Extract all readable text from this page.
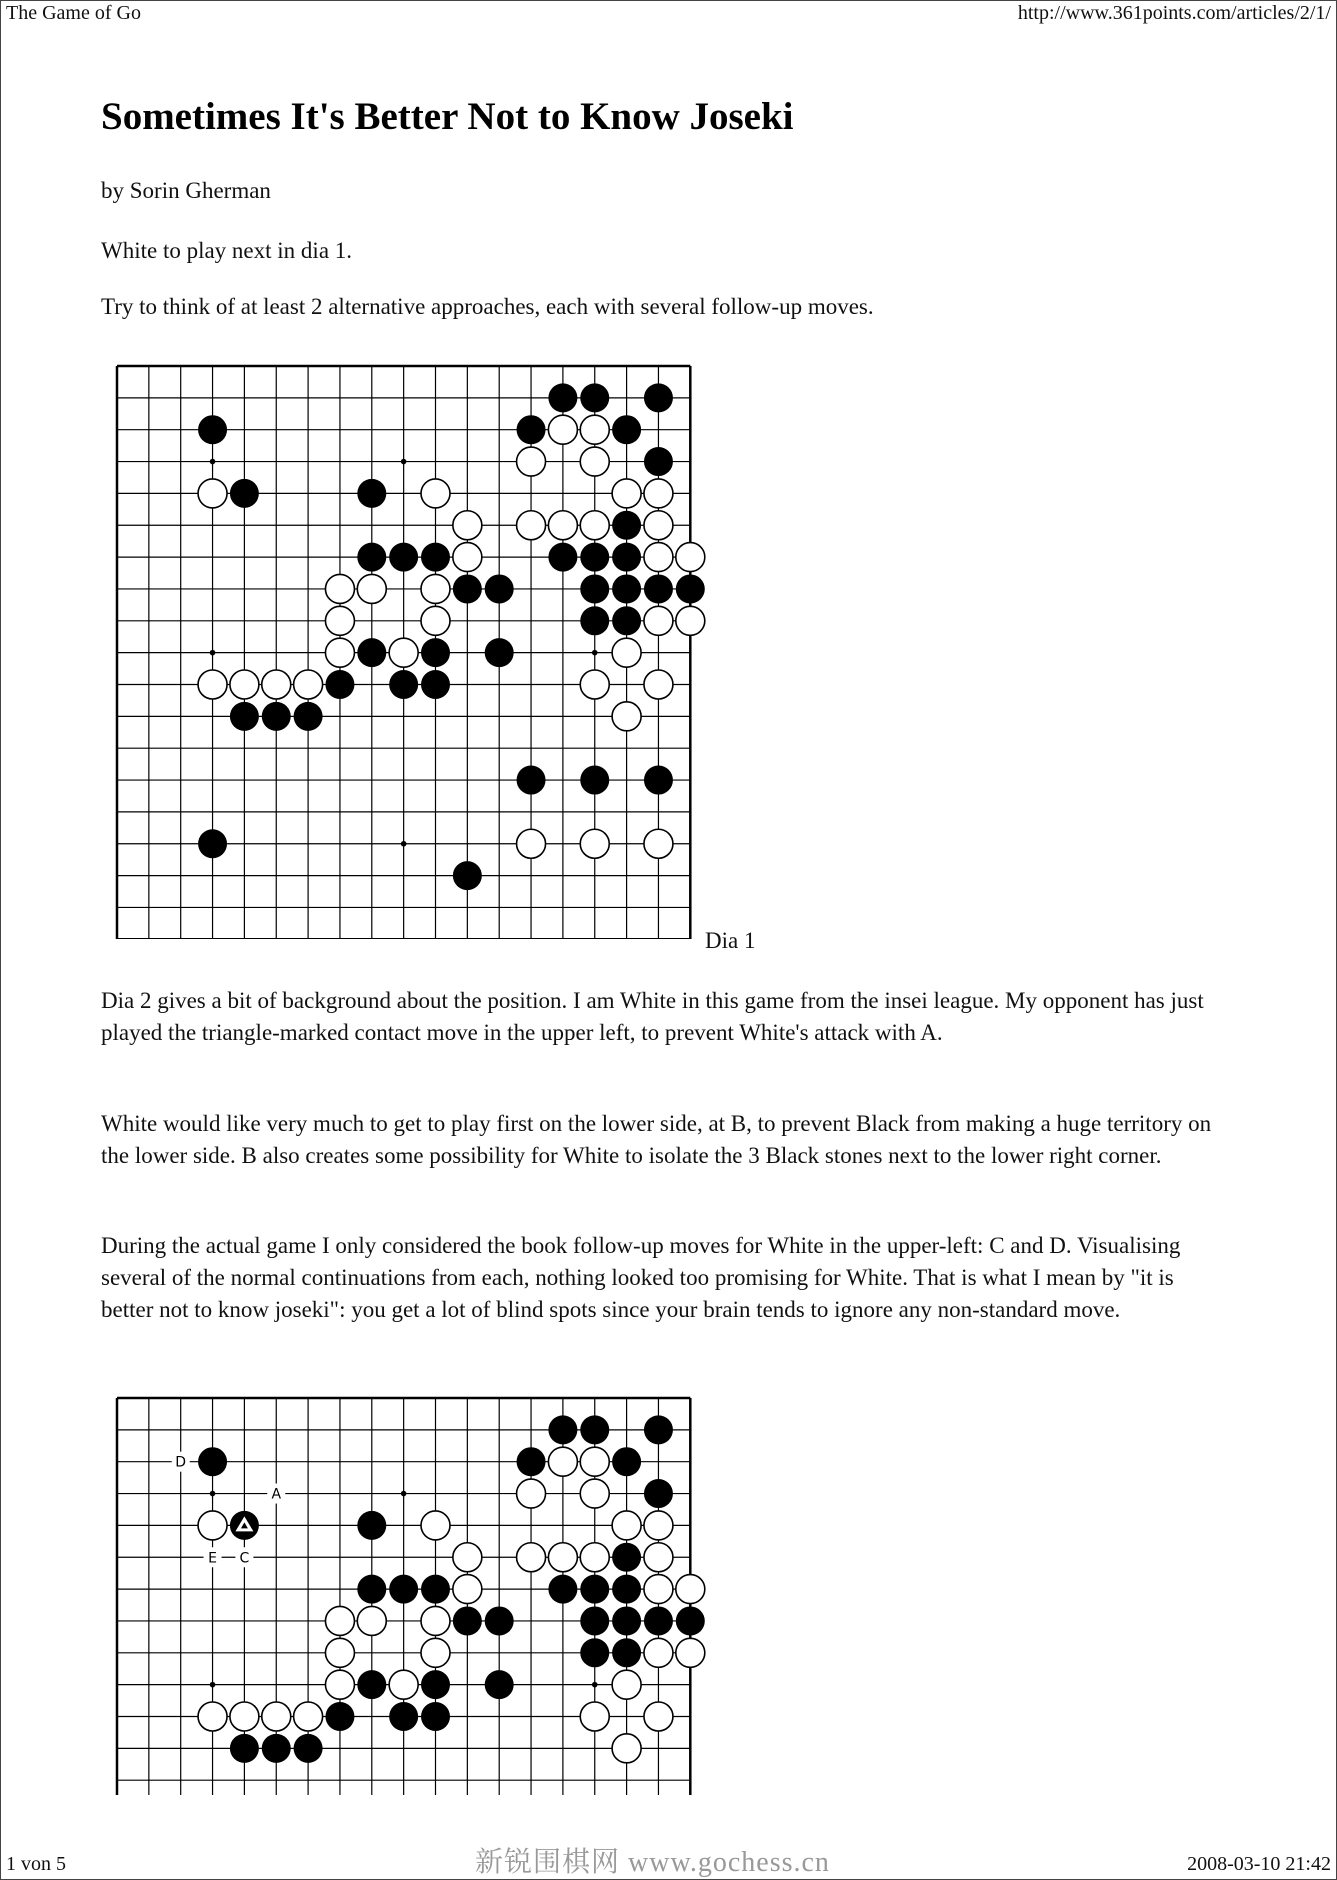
The Game of Go	http://www.361points.com/articles/2/1/
Sometimes It's Better Not to Know Joseki

by Sorin Gherman

White to play next in dia 1.

Try to think of at least 2 alternative approaches, each with several follow-up moves.

Dia 1

Dia 2 gives a bit of background about the position. I am White in this game from the insei league. My opponent has just played the triangle-marked contact move in the upper left, to prevent White's attack with A.

White would like very much to get to play first on the lower side, at B, to prevent Black from making a huge territory on the lower side. B also creates some possibility for White to isolate the 3 Black stones next to the lower right corner.

During the actual game I only considered the book follow-up moves for White in the upper-left: C and D. Visualising several of the normal continuations from each, nothing looked too promising for White. That is what I mean by "it is better not to know joseki": you get a lot of blind spots since your brain tends to ignore any non-standard move.

D
A
E C
1 von 5	新锐围棋网 www.gochess.cn	2008-03-10 21:42
